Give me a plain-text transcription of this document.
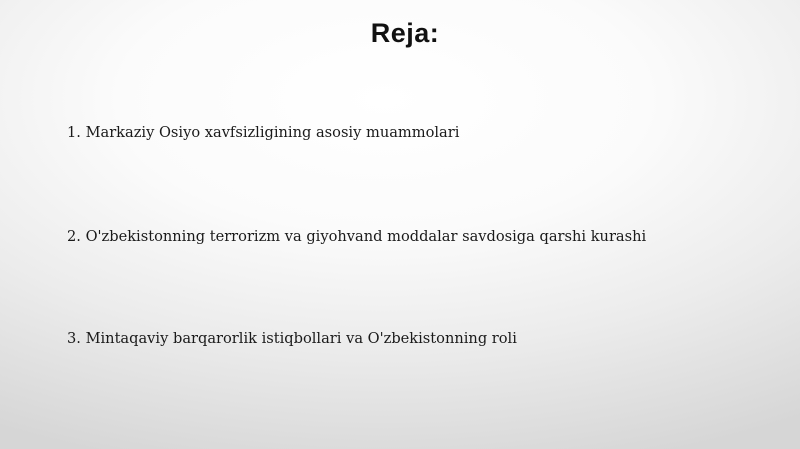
Reja:
1. Markaziy Osiyo xavfsizligining asosiy muammolari
2. O'zbekistonning terrorizm va giyohvand moddalar savdosiga qarshi kurashi
3. Mintaqaviy barqarorlik istiqbollari va O'zbekistonning roli
